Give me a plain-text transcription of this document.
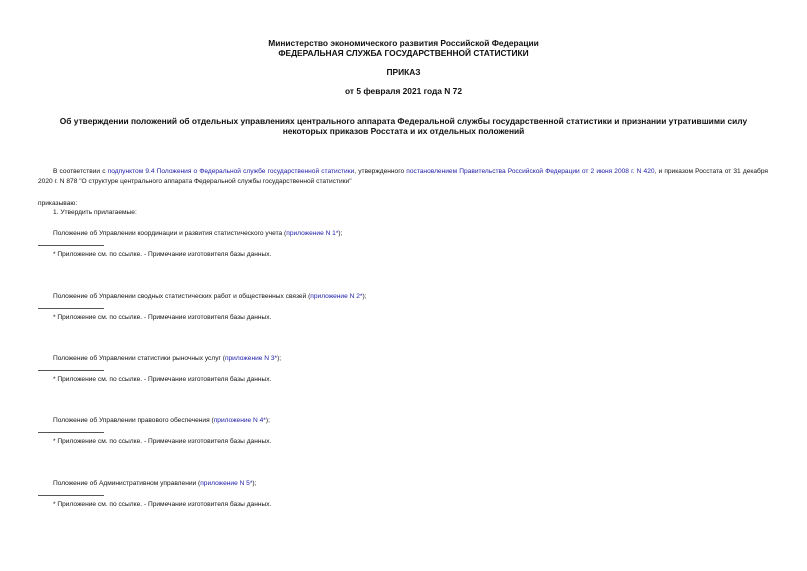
Министерство экономического развития Российской Федерации

ФЕДЕРАЛЬНАЯ СЛУЖБА ГОСУДАРСТВЕННОЙ СТАТИСТИКИ

ПРИКАЗ

от 5 февраля 2021 года N 72

Об утверждении положений об отдельных управлениях центрального аппарата Федеральной службы государственной статистики и признании утратившими силу

некоторых приказов Росстата и их отдельных положений

В соответствии с подпунктом 9.4 Положения о Федеральной службе государственной статистики, утвержденного постановлением Правительства Российской Федерации от 2 июня 2008 г. N 420, и приказом Росстата от 31 декабря 2020 г. N 878 "О структуре центрального аппарата Федеральной службы государственной статистики"

приказываю:

1. Утвердить прилагаемые:

Положение об Управлении координации и развития статистического учета (приложение N 1*);

* Приложение см. по ссылке. - Примечание изготовителя базы данных.

Положение об Управлении сводных статистических работ и общественных связей (приложение N 2*);

* Приложение см. по ссылке. - Примечание изготовителя базы данных.

Положение об Управлении статистики рыночных услуг (приложение N 3*);

* Приложение см. по ссылке. - Примечание изготовителя базы данных.

Положение об Управлении правового обеспечения (приложение N 4*);

* Приложение см. по ссылке. - Примечание изготовителя базы данных.

Положение об Административном управлении (приложение N 5*);

* Приложение см. по ссылке. - Примечание изготовителя базы данных.
